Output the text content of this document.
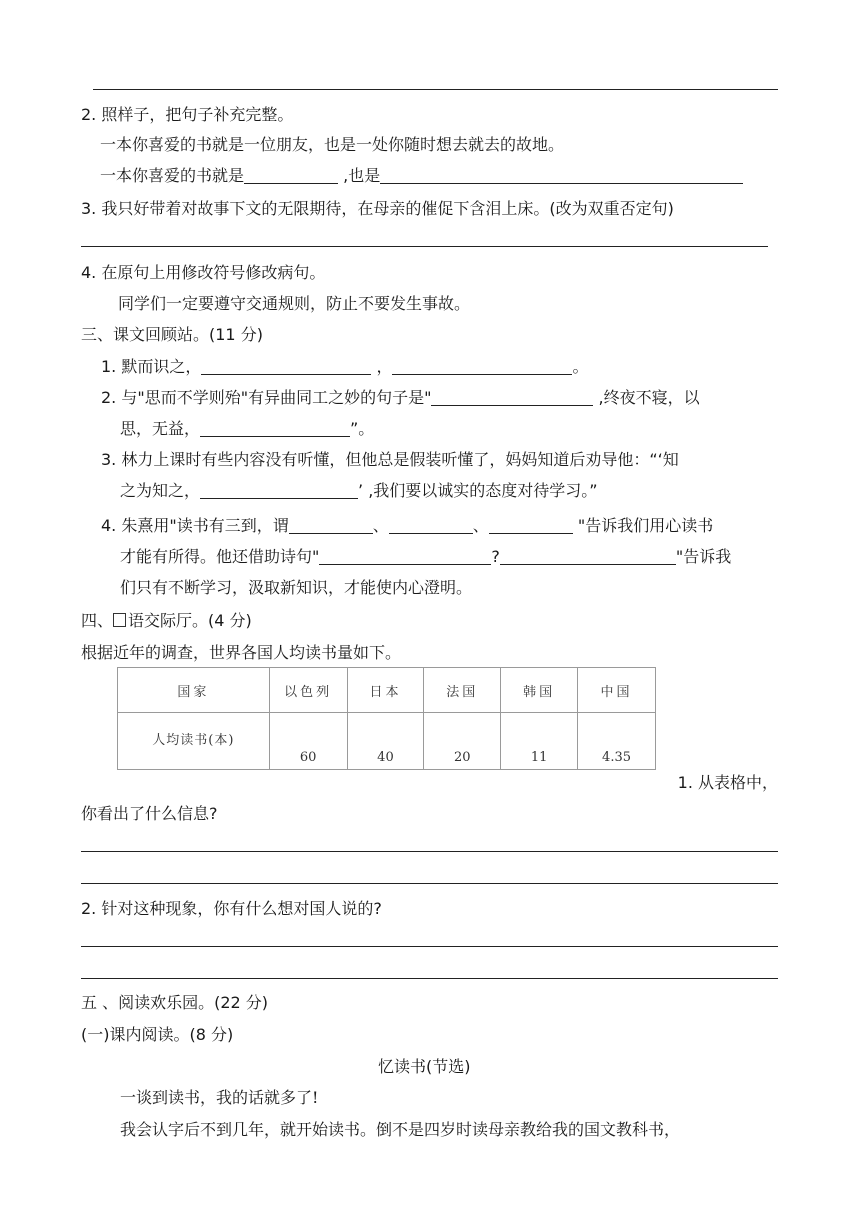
2. 照样子，把句子补充完整。
一本你喜爱的书就是一位朋友，也是一处你随时想去就去的故地。
一本你喜爱的书就是	,也是
3. 我只好带着对故事下文的无限期待，在母亲的催促下含泪上床。(改为双重否定句)
4. 在原句上用修改符号修改病句。
同学们一定要遵守交通规则，防止不要发生事故。
三、课文回顾站。(11 分)
1. 默而识之，	，	。
2. 与"思而不学则殆"有异曲同工之妙的句子是"	,终夜不寝，以
思，无益，	”。
3. 林力上课时有些内容没有听懂，但他总是假装听懂了，妈妈知道后劝导他：“‘知
之为知之，	’ ,我们要以诚实的态度对待学习。”
4. 朱熹用"读书有三到，谓	、	、	"告诉我们用心读书
才能有所得。他还借助诗句"	?	"告诉我
们只有不断学习，汲取新知识，才能使内心澄明。
四、 语交际厅。(4 分)
根据近年的调查，世界各国人均读书量如下。
国家	以色列	日本	法国	韩国	中国
人均读书(本)	60	40	20	11	4.35
1. 从表格中，
你看出了什么信息?
2. 针对这种现象，你有什么想对国人说的?
五 、阅读欢乐园。(22 分)
(一)课内阅读。(8 分)
忆读书(节选)
一谈到读书，我的话就多了!
我会认字后不到几年，就开始读书。倒不是四岁时读母亲教给我的国文教科书，
